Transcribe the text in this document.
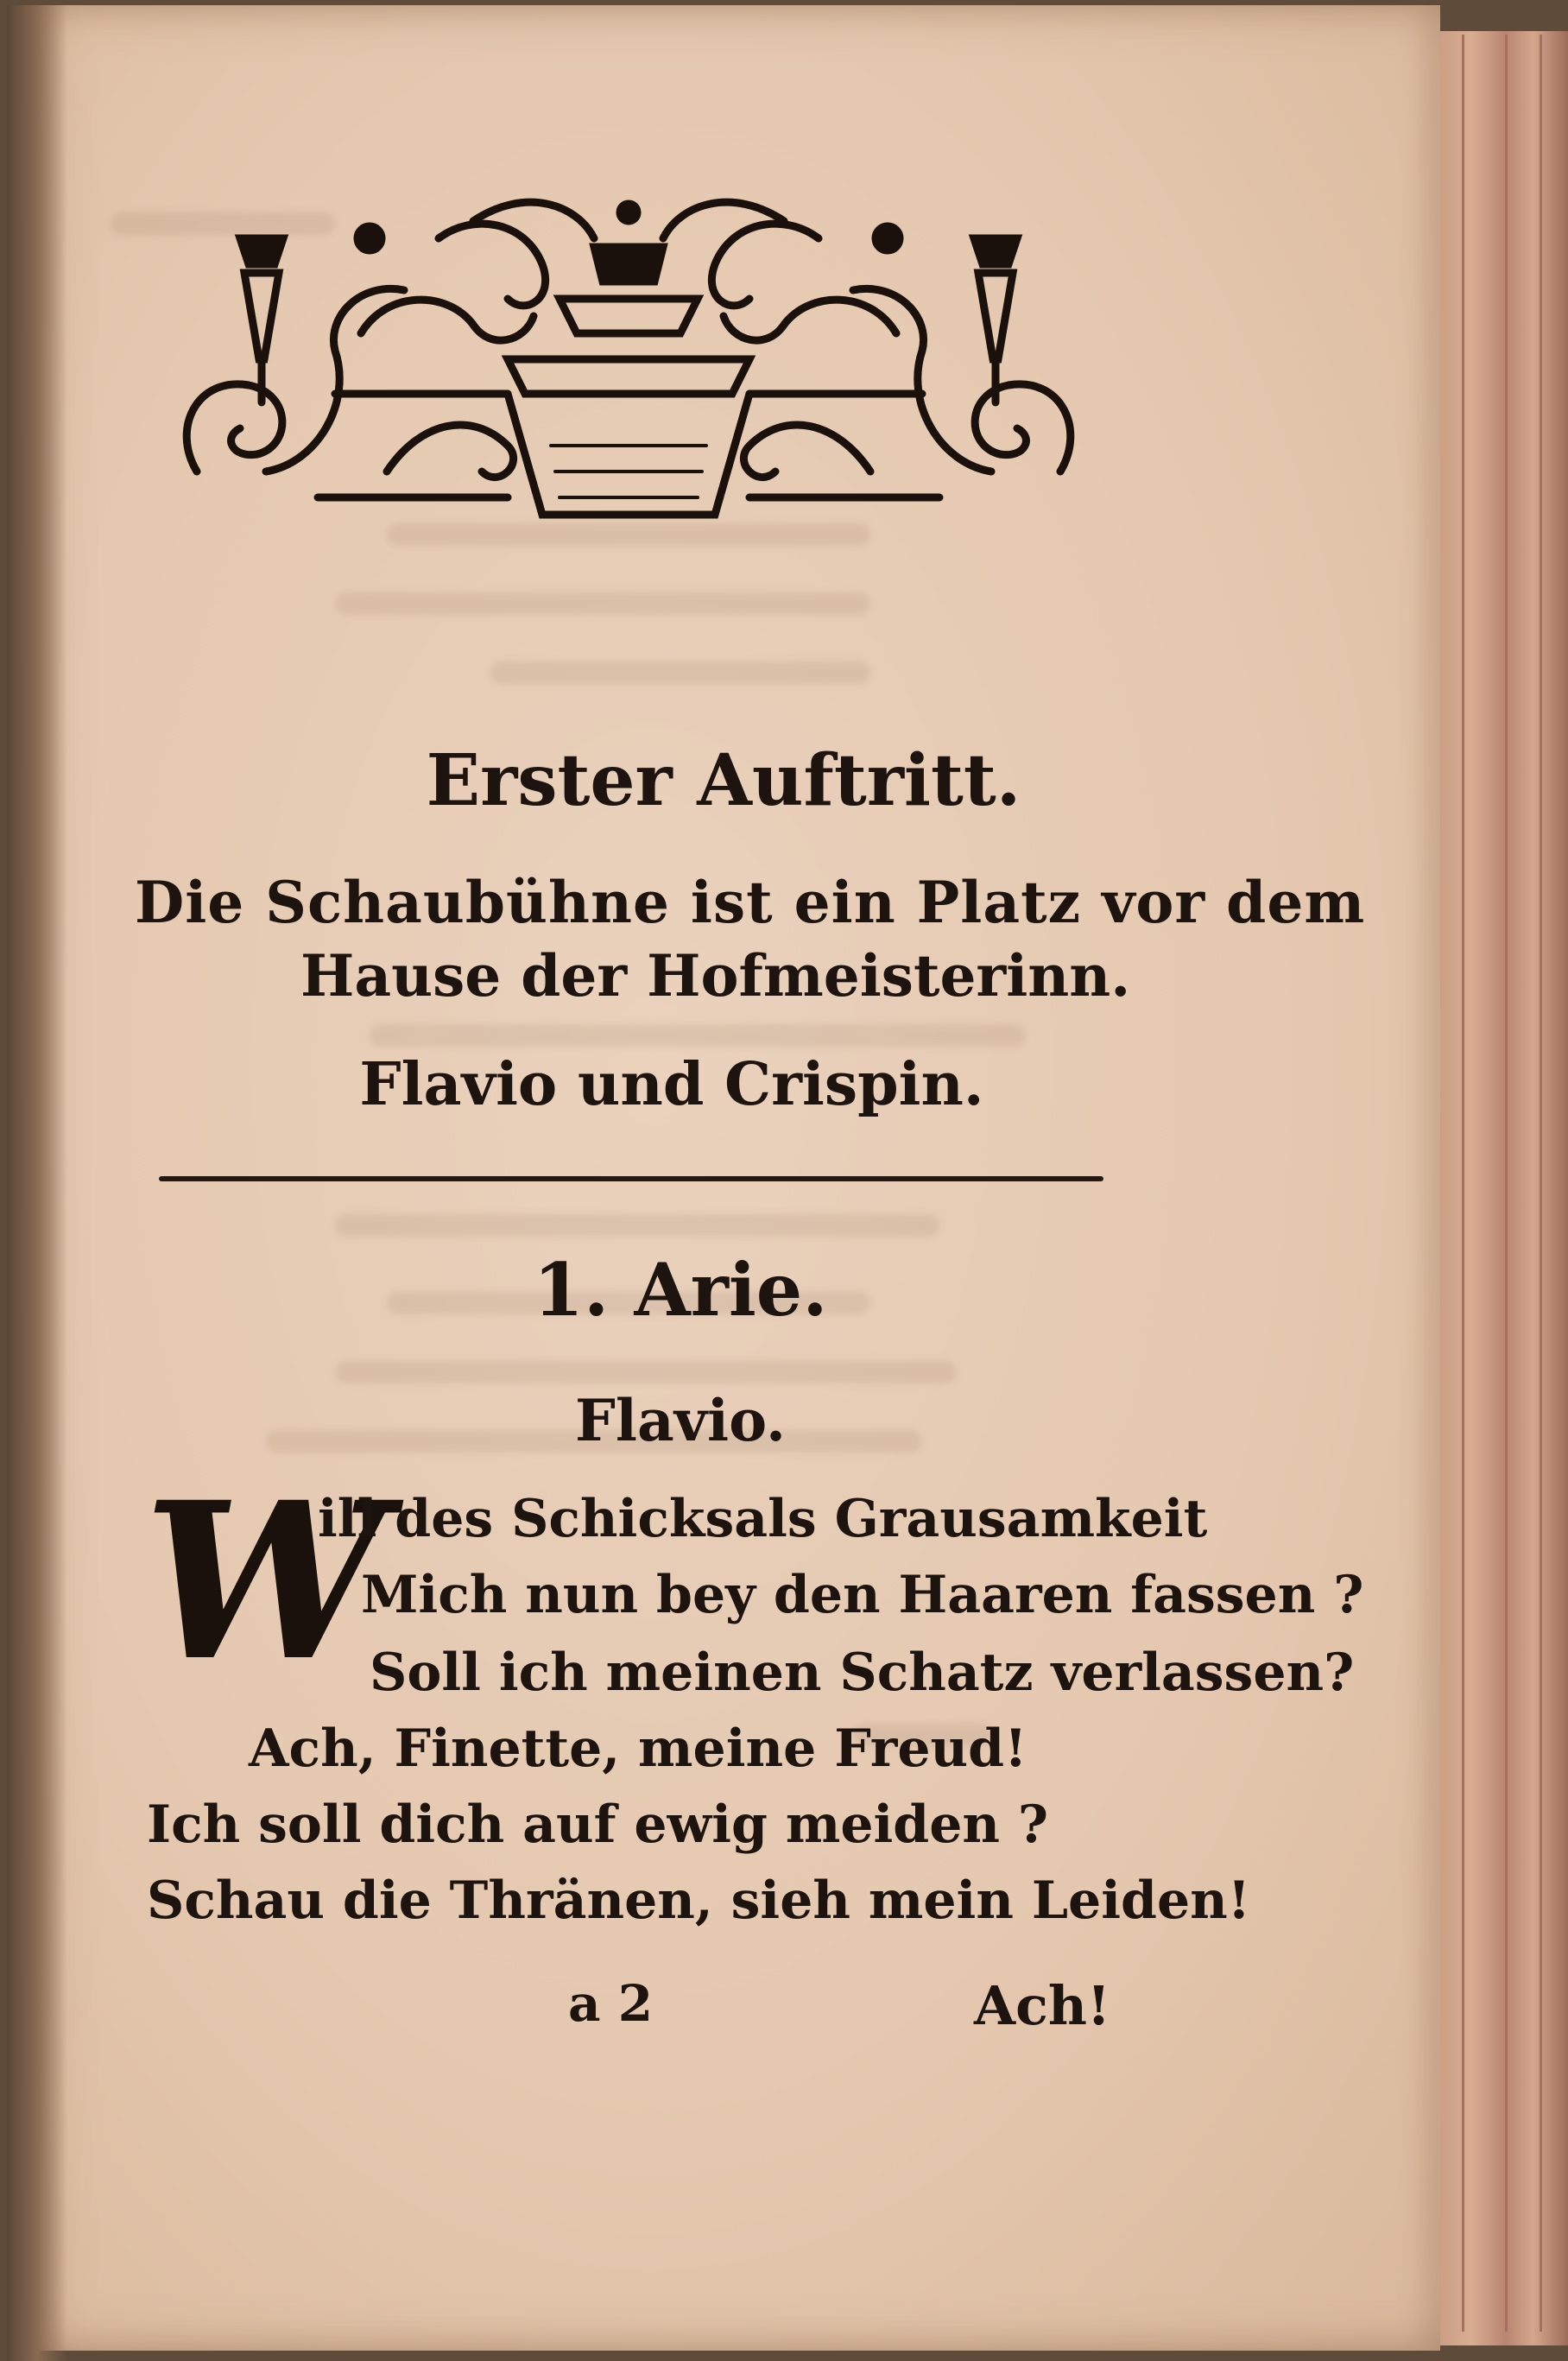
Erster Auftritt.
Die Schaubühne ist ein Platz vor dem
Hause der Hofmeisterinn.
Flavio und Crispin.
1. Arie.
Flavio.
W
ill des Schicksals Grausamkeit
Mich nun bey den Haaren fassen ?
Soll ich meinen Schatz verlassen?
Ach, Finette, meine Freud!
Ich soll dich auf ewig meiden ?
Schau die Thränen, sieh mein Leiden!
a 2	Ach!
